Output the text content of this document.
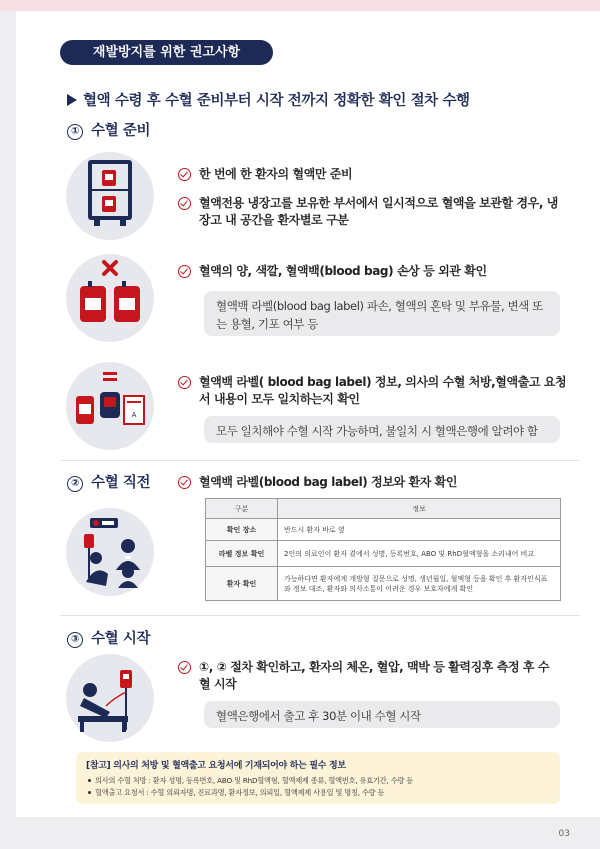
03
재발방지를 위한 권고사항
혈액 수령 후 수혈 준비부터 시작 전까지 정확한 확인 절차 수행
① 수혈 준비
한 번에 한 환자의 혈액만 준비
혈액전용 냉장고를 보유한 부서에서 일시적으로 혈액을 보관할 경우, 냉장고 내 공간을 환자별로 구분
혈액의 양, 색깔, 혈액백(blood bag) 손상 등 외관 확인
혈액백 라벨(blood bag label) 파손, 혈액의 혼탁 및 부유물, 변색 또는 용혈, 기포 여부 등
A
혈액백 라벨( blood bag label) 정보, 의사의 수혈 처방,혈액출고 요청서 내용이 모두 일치하는지 확인
모두 일치해야 수혈 시작 가능하며, 불일치 시 혈액은행에 알려야 함
② 수혈 직전	혈액백 라벨(blood bag label) 정보와 환자 확인
구분	정보
확인 장소	반드시 환자 바로 옆
라벨 정보 확인	2인의 의료인이 환자 곁에서 성명, 등록번호, ABO 및 RhD혈액형을 소리내어 비교
환자 확인	가능하다면 환자에게 개방형 질문으로 성명, 생년월일, 혈액형 등을 확인 후 환자인식표와 정보 대조, 환자와 의사소통이 어려운 경우 보호자에게 확인
③ 수혈 시작
①, ② 절차 확인하고, 환자의 체온, 혈압, 맥박 등 활력징후 측정 후 수혈 시작
혈액은행에서 출고 후 30분 이내 수혈 시작
[참고] 의사의 처방 및 혈액출고 요청서에 기재되어야 하는 필수 정보
의사의 수혈 처방 : 환자 성명, 등록번호, ABO 및 RhD혈액형, 혈액제제 종류, 혈액번호, 유효기간, 수량 등
혈액출고 요청서 : 수혈 의뢰자명, 진료과명, 환자정보, 의뢰일, 혈액제제 사용일 및 명칭, 수량 등
